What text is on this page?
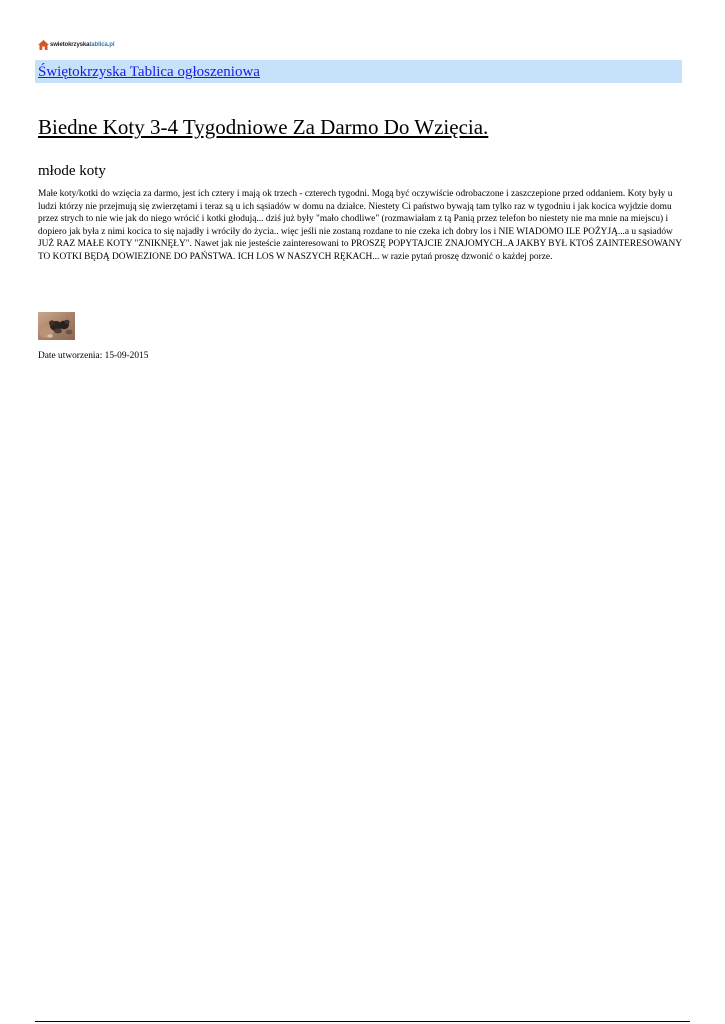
swietokrzyska tablica.pl
Świętokrzyska Tablica ogłoszeniowa
Biedne Koty 3-4 Tygodniowe Za Darmo Do Wzięcia.
młode koty

Małe koty/kotki do wzięcia za darmo, jest ich cztery i mają ok trzech - czterech tygodni. Mogą być oczywiście odrobaczone i zaszczepione przed oddaniem. Koty były u ludzi którzy nie przejmują się zwierzętami i teraz są u ich sąsiadów w domu na działce. Niestety Ci państwo bywają tam tylko raz w tygodniu i jak kocica wyjdzie domu przez strych to nie wie jak do niego wrócić i kotki głodują... dziś już były "mało chodliwe" (rozmawiałam z tą Panią przez telefon bo niestety nie ma mnie na miejscu) i dopiero jak była z nimi kocica to się najadły i wróciły do życia.. więc jeśli nie zostaną rozdane to nie czeka ich dobry los i NIE WIADOMO ILE POŻYJĄ...a u sąsiadów JUŻ RAZ MAŁE KOTY "ZNIKNĘŁY". Nawet jak nie jesteście zainteresowani to PROSZĘ POPYTAJCIE ZNAJOMYCH..A JAKBY BYŁ KTOŚ ZAINTERESOWANY TO KOTKI BĘDĄ DOWIEZIONE DO PAŃSTWA. ICH LOS W NASZYCH RĘKACH... w razie pytań proszę dzwonić o każdej porze.

Date utworzenia: 15-09-2015
